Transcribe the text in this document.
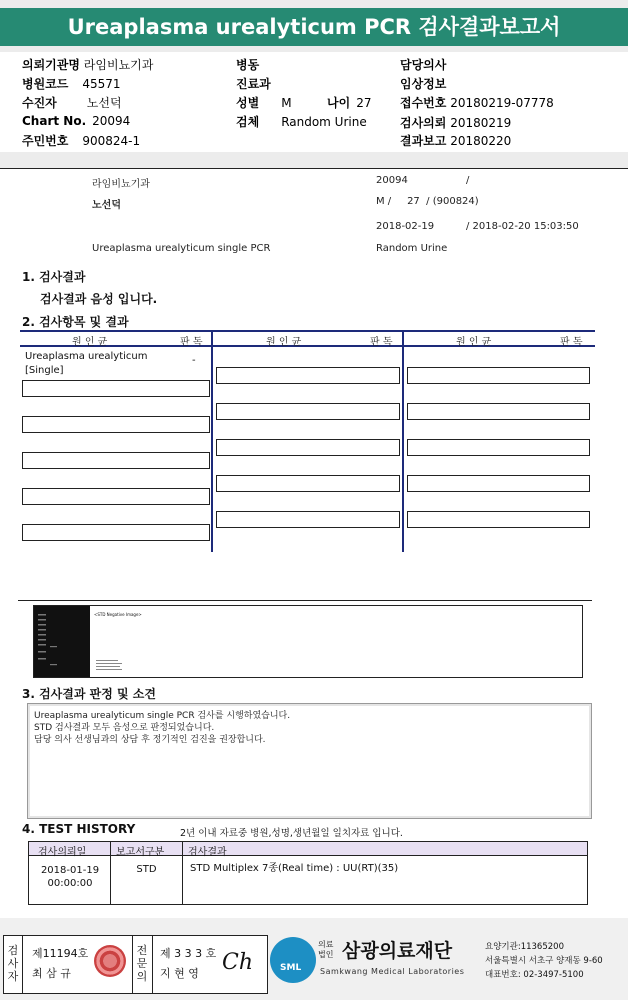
Ureaplasma urealyticum PCR 검사결과보고서
의뢰기관명 라임비뇨기과
병원코드 45571
수진자	노선덕
Chart No. 20094
주민번호 900824-1
병동
진료과
성별 M	나이 27
검체 Random Urine
담당의사
임상정보
접수번호 20180219-07778
검사의뢰 20180219
결과보고 20180220
라임비뇨기과	20094	/
노선덕	M /     27  / (900824)
2018-02-19	/ 2018-02-20 15:03:50
Ureaplasma urealyticum single PCR	Random Urine
1. 검사결과
검사결과 음성 입니다.
2. 검사항목 및 결과
원 인 균	판 독	원 인 균	판 독	원 인 균	판 독
Ureaplasma urealyticum
[Single]
-
<STD Negative Image>
3. 검사결과 판정 및 소견
Ureaplasma urealyticum single PCR 검사를 시행하였습니다.
STD 검사결과 모두 음성으로 판정되었습니다.
담당 의사 선생님과의 상담 후 정기적인 검진을 권장합니다.
4. TEST HISTORY	2년 이내 자료중 병원,성명,생년월일 일치자료 입니다.
검사의뢰일	보고서구분 검사결과
2018-01-19
00:00:00
STD	STD Multiplex 7종(Real time) : UU(RT)(35)
검
사
자
제11194호
최 삼 규
전
문
의
제 3 3 3 호
지 현 영 Ch	SML
의료
법인 삼광의료재단
Samkwang Medical Laboratories
요양기관:11365200
서울특별시 서초구 양재동 9-60
대표번호: 02-3497-5100
